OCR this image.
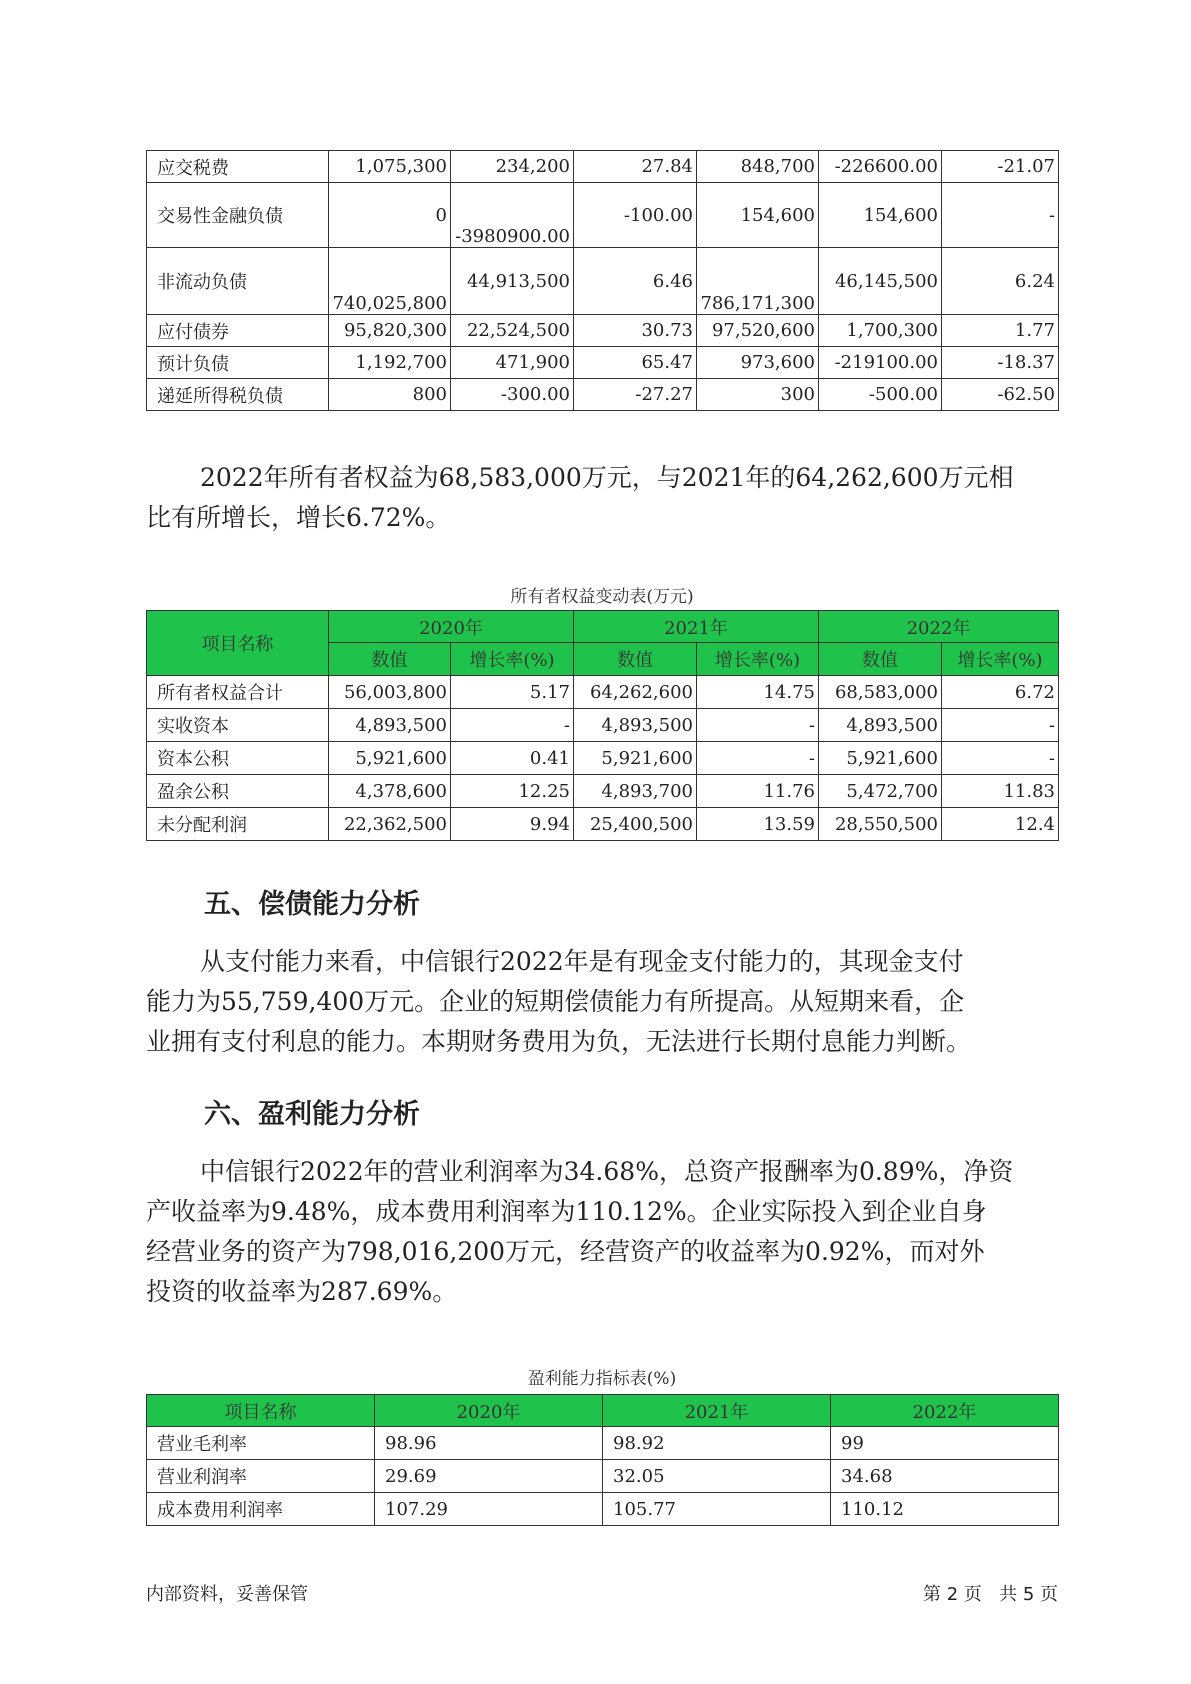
应交税费	1,075,300	234,200	27.84	848,700	-226600.00	-21.07
交易性金融负债	0	-3980900.00	-100.00	154,600	154,600	-
非流动负债	740,025,800	44,913,500	6.46	786,171,300	46,145,500	6.24
应付债券	95,820,300	22,524,500	30.73	97,520,600	1,700,300	1.77
预计负债	1,192,700	471,900	65.47	973,600	-219100.00	-18.37
递延所得税负债	800	-300.00	-27.27	300	-500.00	-62.50

2022年所有者权益为68,583,000万元，与2021年的64,262,600万元相
比有所增长，增长6.72%。

所有者权益变动表(万元)
项目名称	2020年		2021年		2022年	
	数值	增长率(%)	数值	增长率(%)	数值	增长率(%)
所有者权益合计	56,003,800	5.17	64,262,600	14.75	68,583,000	6.72
实收资本	4,893,500	-	4,893,500	-	4,893,500	-
资本公积	5,921,600	0.41	5,921,600	-	5,921,600	-
盈余公积	4,378,600	12.25	4,893,700	11.76	5,472,700	11.83
未分配利润	22,362,500	9.94	25,400,500	13.59	28,550,500	12.4
五、偿债能力分析

从支付能力来看，中信银行2022年是有现金支付能力的，其现金支付
能力为55,759,400万元。企业的短期偿债能力有所提高。从短期来看，企
业拥有支付利息的能力。本期财务费用为负，无法进行长期付息能力判断。

六、盈利能力分析

中信银行2022年的营业利润率为34.68%，总资产报酬率为0.89%，净资
产收益率为9.48%，成本费用利润率为110.12%。企业实际投入到企业自身
经营业务的资产为798,016,200万元，经营资产的收益率为0.92%，而对外
投资的收益率为287.69%。

盈利能力指标表(%)
项目名称	2020年	2021年	2022年
营业毛利率	98.96	98.92	99
营业利润率	29.69	32.05	34.68
成本费用利润率	107.29	105.77	110.12
内部资料，妥善保管	第 2 页   共 5 页
